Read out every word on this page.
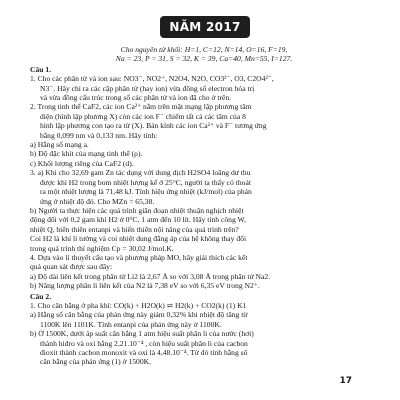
NĂM 2017
Cho nguyên tử khối: H=1, C=12, N=14, O=16, F=19,
Na = 23, P = 31, S = 32, K = 39, Ca=40, Mn=55, I=127.
Câu 1.
1. Cho các phân tử và ion sau: NO3⁻, NO2⁺, N2O4, N2O, CO3²⁻, O3, C2O4²⁻,
N3⁻. Hãy chỉ ra các cặp phân tử (hay ion) vừa đồng số electron hóa trị
và vừa đồng cấu trúc trong số các phân tử và ion đã cho ở trên.
2. Trong tinh thể CaF2, các ion Ca²⁺ nằm trên mặt mạng lập phương tâm
diện (hình lập phương X) còn các ion F⁻ chiếm tất cả các tâm của 8
hình lập phương con tạo ra từ (X). Bán kính các ion Ca²⁺ và F⁻ tương ứng
bằng 0,099 nm và 0,133 nm. Hãy tính:
a) Hằng số mạng a.
b) Độ đặc khít của mạng tinh thể (ρ).
c) Khối lượng riêng của CaF2 (d).
3. a) Khi cho 32,69 gam Zn tác dụng với dung dịch H2SO4 loãng dư thu
được khí H2 trong bom nhiệt lượng kế ở 25°C, người ta thấy có thoát
ra một nhiệt lượng là 71,48 kJ. Tính hiệu ứng nhiệt (kJ/mol) của phản
ứng ở nhiệt độ đó. Cho MZn = 65,38.
b) Người ta thực hiện các quá trình giãn đoạn nhiệt thuận nghịch nhiệt
động đối với 0,2 gam khí H2 ở 0°C, 1 atm đến 10 lít. Hãy tính công W,
nhiệt Q, biến thiên entanpi và biến thiên nội năng của quá trình trên?
Coi H2 là khí lí tưởng và coi nhiệt dung đẳng áp của hệ không thay đổi
trong quá trình thí nghiệm Cp = 30,02 J/mol.K.
4. Dựa vào lí thuyết cấu tạo và phương pháp MO, hãy giải thích các kết
quả quan sát được sau đây:
a) Độ dài liên kết trong phân tử Li2 là 2,67 Å so với 3,08 Å trong phân tử Na2.
b) Năng lượng phân li liên kết của N2 là 7,38 eV so với 6,35 eV trong N2⁺.
Câu 2.
1. Cho cân bằng ở pha khí: CO(k) + H2O(k) ⇌ H2(k) + CO2(k) (1) K1
a) Hằng số cân bằng của phản ứng này giảm 0,32% khi nhiệt độ tăng từ
1100K lên 1101K. Tính entanpi của phản ứng này ở 1100K.
b) Ở 1500K, dưới áp suất cân bằng 1 atm hiệu suất phân li của nước (hơi)
thành hiđro và oxi bằng 2,21.10⁻⁴ , còn hiệu suất phân li của cacbon
đioxit thành cacbon monoxit và oxi là 4,48.10⁻⁴. Từ đó tính hằng số
cân bằng của phản ứng (1) ở 1500K.
17
